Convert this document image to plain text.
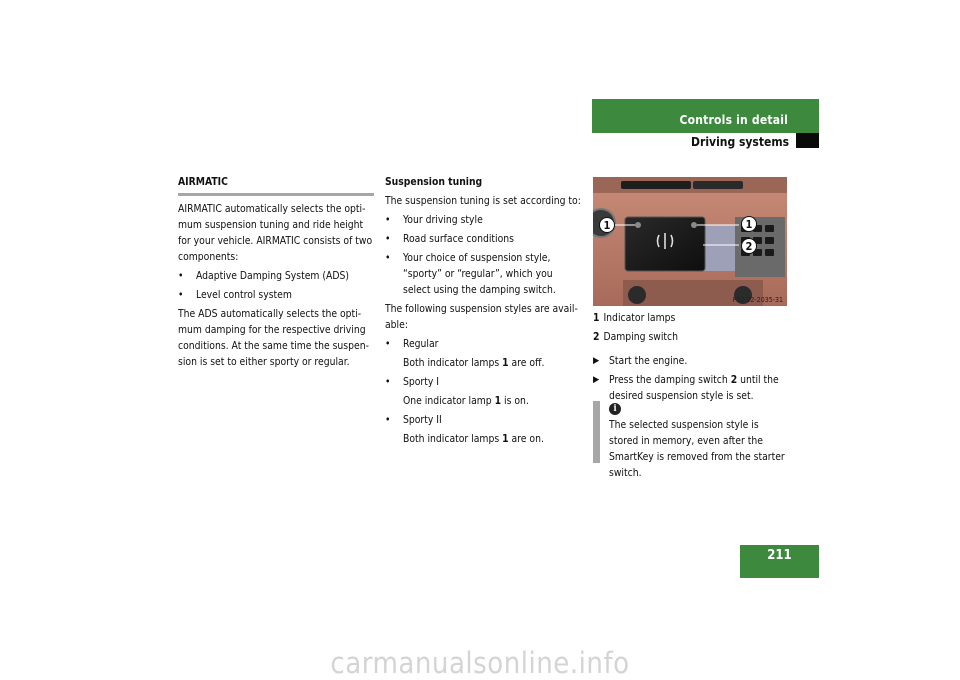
Controls in detail
Driving systems
AIRMATIC

AIRMATIC automatically selects the opti-mum suspension tuning and ride height for your vehicle. AIRMATIC consists of two components:

• Adaptive Damping System (ADS)
• Level control system

The ADS automatically selects the opti-mum damping for the respective driving conditions. At the same time the suspen-sion is set to either sporty or regular.

Suspension tuning

The suspension tuning is set according to:

• Your driving style
• Road surface conditions
• Your choice of suspension style, “sporty” or “regular”, which you select using the damping switch.

The following suspension styles are avail-able:

• Regular
Both indicator lamps 1 are off.
• Sporty I
One indicator lamp 1 is on.
• Sporty II
Both indicator lamps 1 are on.
1	1
2
P32.32-2035-31

1 Indicator lamps

2 Damping switch

▶ Start the engine.
▶ Press the damping switch 2 until the desired suspension style is set.
i
The selected suspension style is stored in memory, even after the SmartKey is removed from the starter switch.
211
carmanualsonline.info
